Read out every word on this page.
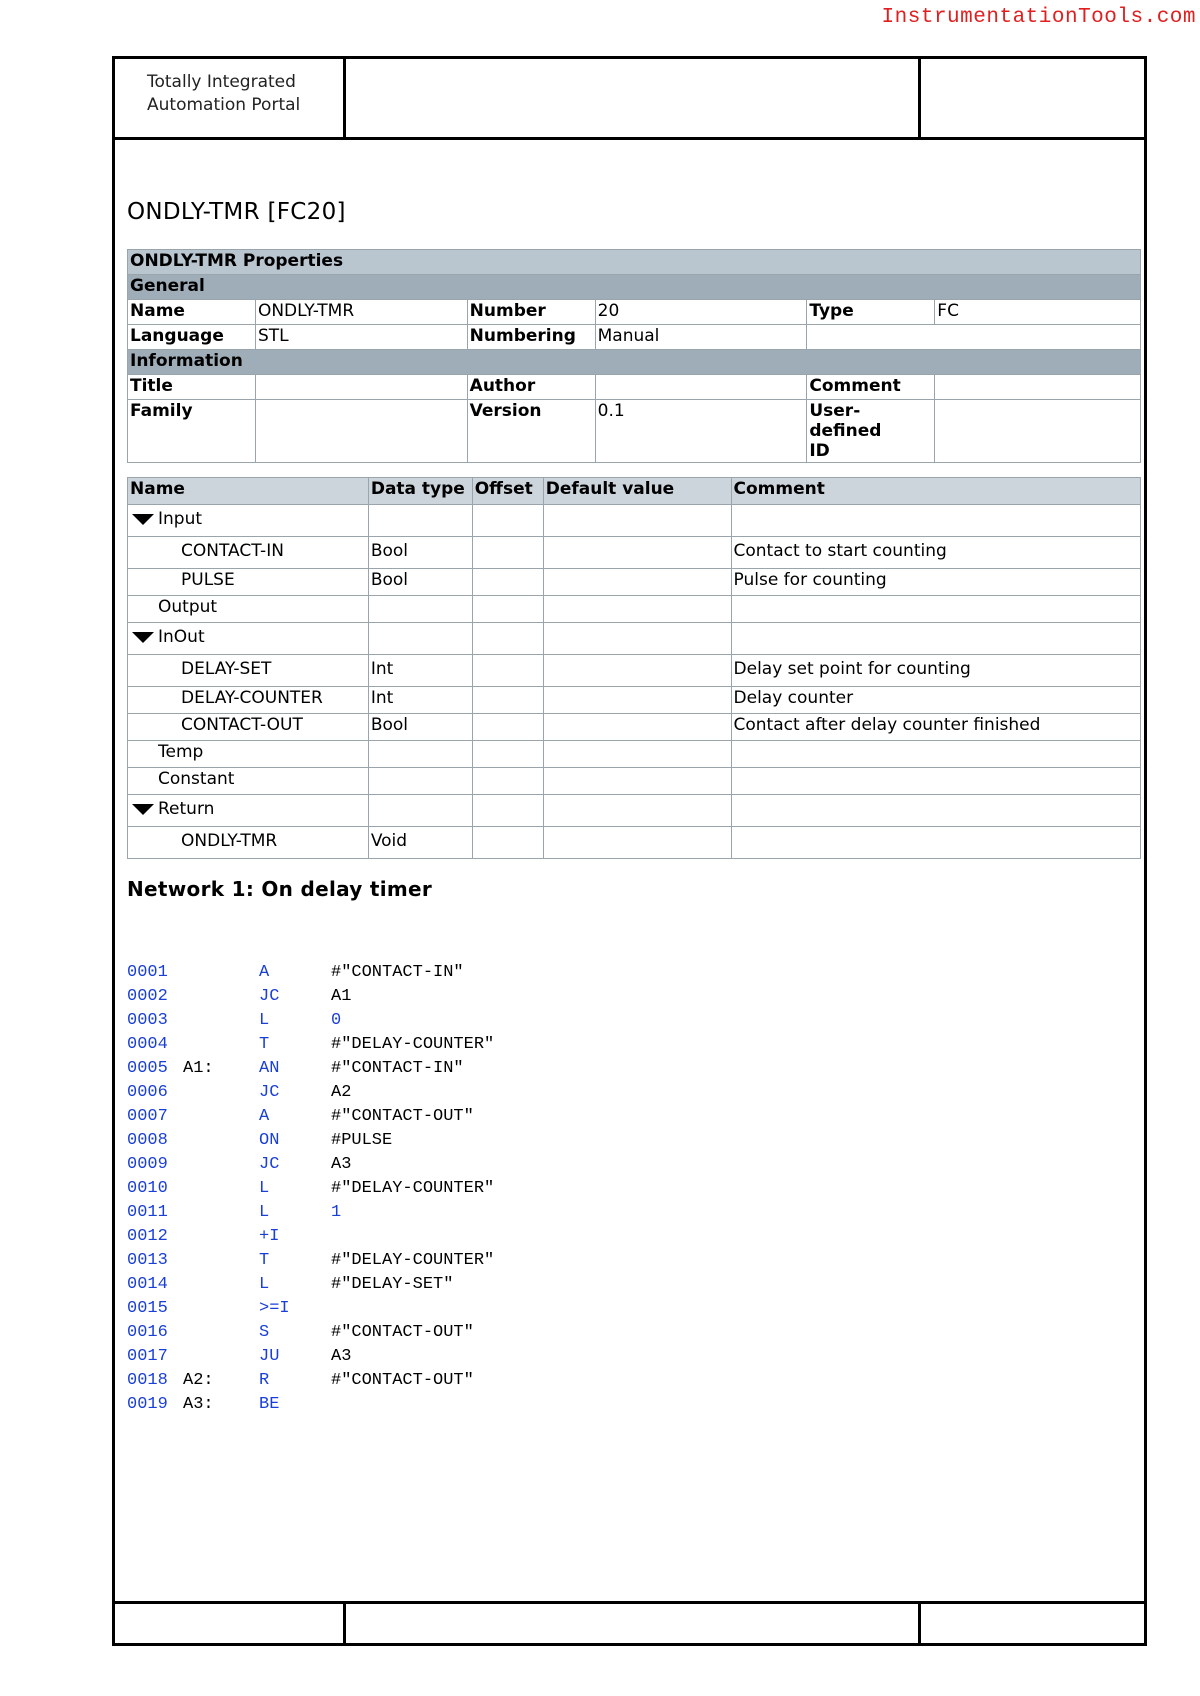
InstrumentationTools.com
Totally Integrated
Automation Portal
ONDLY-TMR [FC20]
ONDLY-TMR Properties					
General					
Name	ONDLY-TMR	Number	20	Type	FC
Language	STL	Numbering	Manual		
Information					
Title		Author		Comment	
Family		Version	0.1	User-defined
ID	

Name	Data type	Offset	Default value	Comment
Input				
CONTACT-IN	Bool			Contact to start counting
PULSE	Bool			Pulse for counting
Output				
InOut				
DELAY-SET	Int			Delay set point for counting
DELAY-COUNTER	Int			Delay counter
CONTACT-OUT	Bool			Contact after delay counter finished
Temp				
Constant				
Return				
ONDLY-TMR	Void			
Network 1: On delay timer
0001	A	#"CONTACT-IN"
0002	JC	A1
0003	L	0
0004	T	#"DELAY-COUNTER"
0005 A1:	AN	#"CONTACT-IN"
0006	JC	A2
0007	A	#"CONTACT-OUT"
0008	ON	#PULSE
0009	JC	A3
0010	L	#"DELAY-COUNTER"
0011	L	1
0012	+I
0013	T	#"DELAY-COUNTER"
0014	L	#"DELAY-SET"
0015	>=I
0016	S	#"CONTACT-OUT"
0017	JU	A3
0018 A2:	R	#"CONTACT-OUT"
0019 A3:	BE
